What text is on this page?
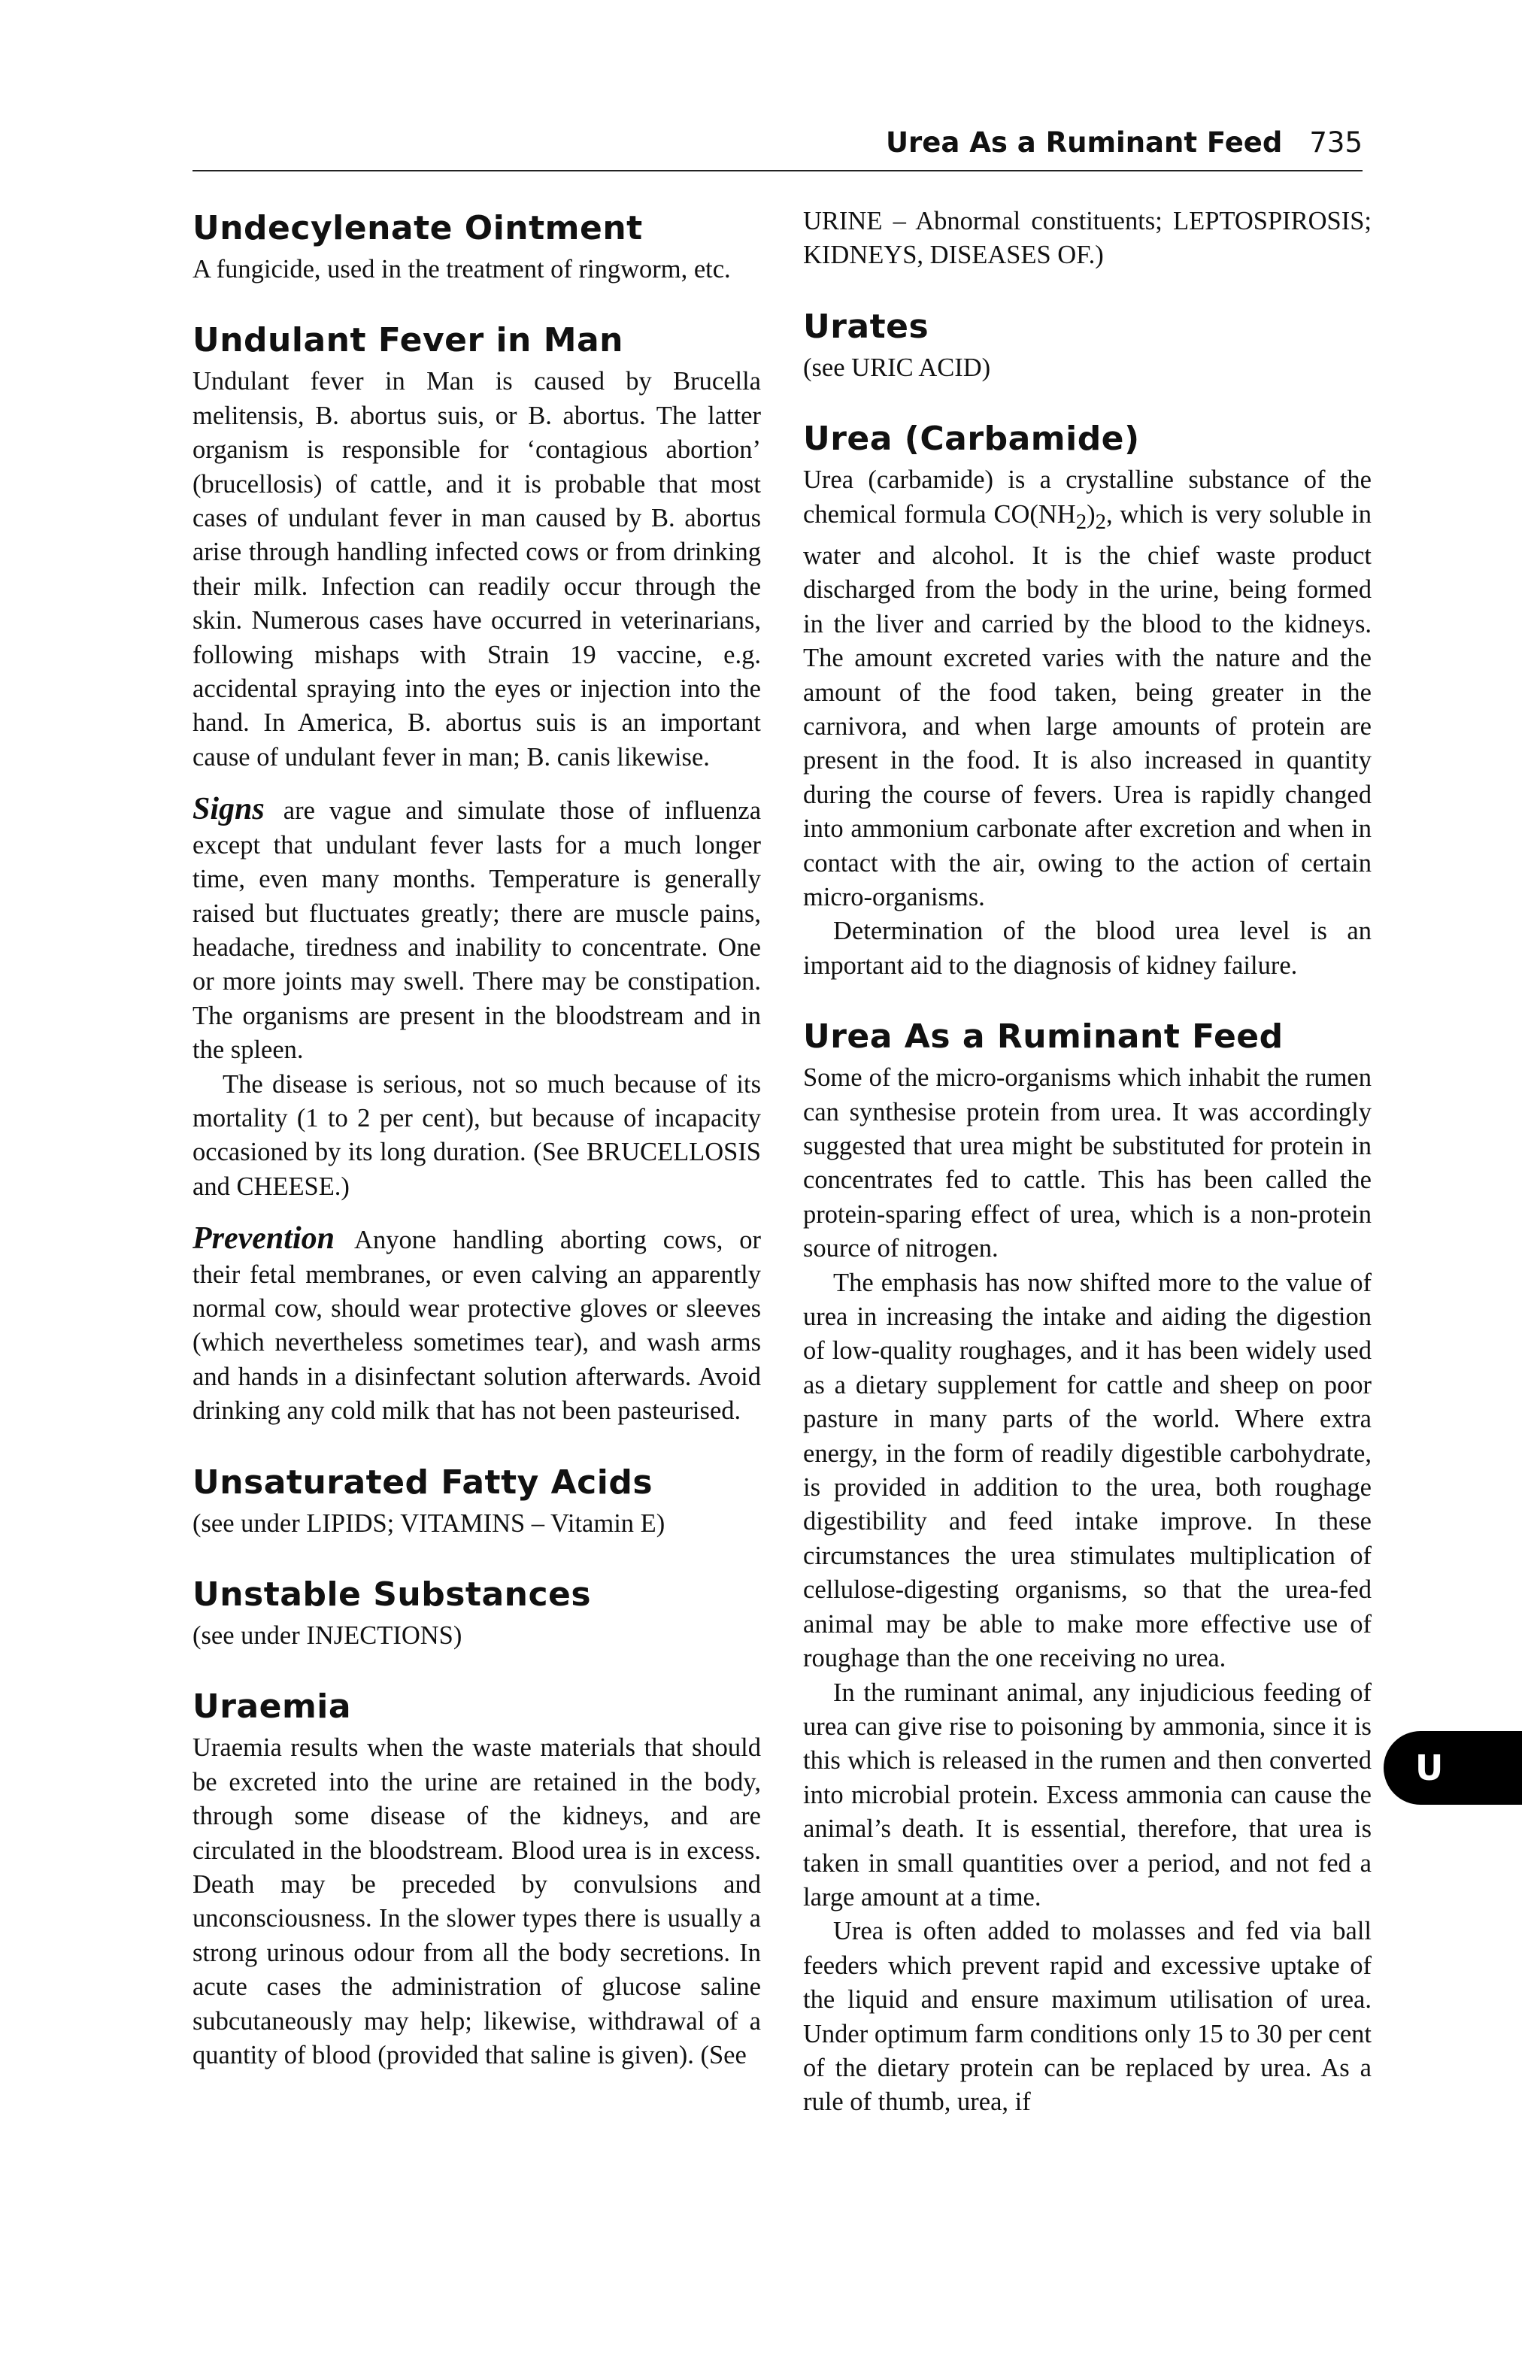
Urea As a Ruminant Feed 735
Undecylenate Ointment

A fungicide, used in the treatment of ringworm, etc.

Undulant Fever in Man

Undulant fever in Man is caused by Brucella melitensis, B. abortus suis, or B. abortus. The latter organism is responsible for ‘contagious abortion’ (brucellosis) of cattle, and it is probable that most cases of undulant fever in man caused by B. abortus arise through handling infected cows or from drinking their milk. Infection can readily occur through the skin. Numerous cases have occurred in veterinarians, following mishaps with Strain 19 vaccine, e.g. accidental spraying into the eyes or injection into the hand. In America, B. abortus suis is an important cause of undulant fever in man; B. canis likewise.

Signs are vague and simulate those of influenza except that undulant fever lasts for a much longer time, even many months. Temperature is generally raised but fluctuates greatly; there are muscle pains, headache, tiredness and inability to concentrate. One or more joints may swell. There may be constipation. The organisms are present in the bloodstream and in the spleen.

The disease is serious, not so much because of its mortality (1 to 2 per cent), but because of incapacity occasioned by its long duration. (See BRUCELLOSIS and CHEESE.)

Prevention Anyone handling aborting cows, or their fetal membranes, or even calving an apparently normal cow, should wear protective gloves or sleeves (which nevertheless sometimes tear), and wash arms and hands in a disinfectant solution afterwards. Avoid drinking any cold milk that has not been pasteurised.

Unsaturated Fatty Acids

(see under LIPIDS; VITAMINS – Vitamin E)

Unstable Substances

(see under INJECTIONS)

Uraemia

Uraemia results when the waste materials that should be excreted into the urine are retained in the body, through some disease of the kidneys, and are circulated in the bloodstream. Blood urea is in excess. Death may be preceded by convulsions and unconsciousness. In the slower types there is usually a strong urinous odour from all the body secretions. In acute cases the administration of glucose saline subcutaneously may help; likewise, withdrawal of a quantity of blood (provided that saline is given). (See

URINE – Abnormal constituents; LEPTOSPIROSIS; KIDNEYS, DISEASES OF.)

Urates

(see URIC ACID)

Urea (Carbamide)

Urea (carbamide) is a crystalline substance of the chemical formula $CO(NH_2)_2$, which is very soluble in water and alcohol. It is the chief waste product discharged from the body in the urine, being formed in the liver and carried by the blood to the kidneys. The amount excreted varies with the nature and the amount of the food taken, being greater in the carnivora, and when large amounts of protein are present in the food. It is also increased in quantity during the course of fevers. Urea is rapidly changed into ammonium carbonate after excretion and when in contact with the air, owing to the action of certain micro-organisms.

Determination of the blood urea level is an important aid to the diagnosis of kidney failure.

Urea As a Ruminant Feed

Some of the micro-organisms which inhabit the rumen can synthesise protein from urea. It was accordingly suggested that urea might be substituted for protein in concentrates fed to cattle. This has been called the protein-sparing effect of urea, which is a non-protein source of nitrogen.

The emphasis has now shifted more to the value of urea in increasing the intake and aiding the digestion of low-quality roughages, and it has been widely used as a dietary supplement for cattle and sheep on poor pasture in many parts of the world. Where extra energy, in the form of readily digestible carbohydrate, is provided in addition to the urea, both roughage digestibility and feed intake improve. In these circumstances the urea stimulates multiplication of cellulose-digesting organisms, so that the urea-fed animal may be able to make more effective use of roughage than the one receiving no urea.

In the ruminant animal, any injudicious feeding of urea can give rise to poisoning by ammonia, since it is this which is released in the rumen and then converted into microbial protein. Excess ammonia can cause the animal’s death. It is essential, therefore, that urea is taken in small quantities over a period, and not fed a large amount at a time.

Urea is often added to molasses and fed via ball feeders which prevent rapid and excessive uptake of the liquid and ensure maximum utilisation of urea. Under optimum farm conditions only 15 to 30 per cent of the dietary protein can be replaced by urea. As a rule of thumb, urea, if

U
